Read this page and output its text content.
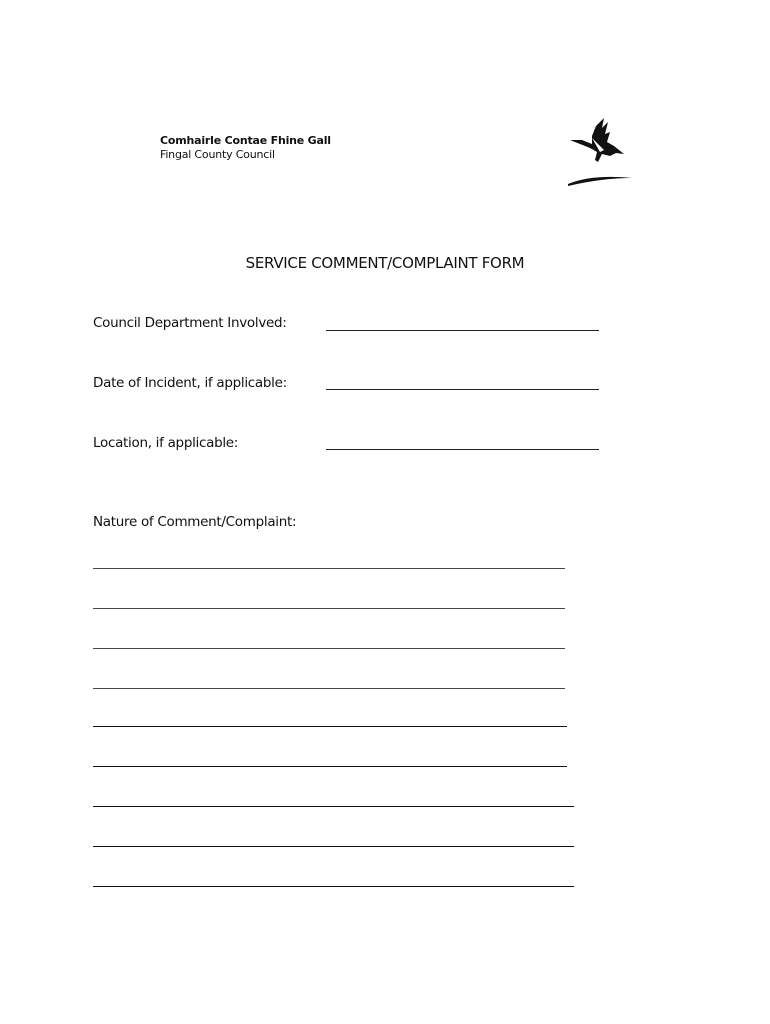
Comhairle Contae Fhine Gall
Fingal County Council
SERVICE COMMENT/COMPLAINT FORM
Council Department Involved:
Date of Incident, if applicable:
Location, if applicable:
Nature of Comment/Complaint:
